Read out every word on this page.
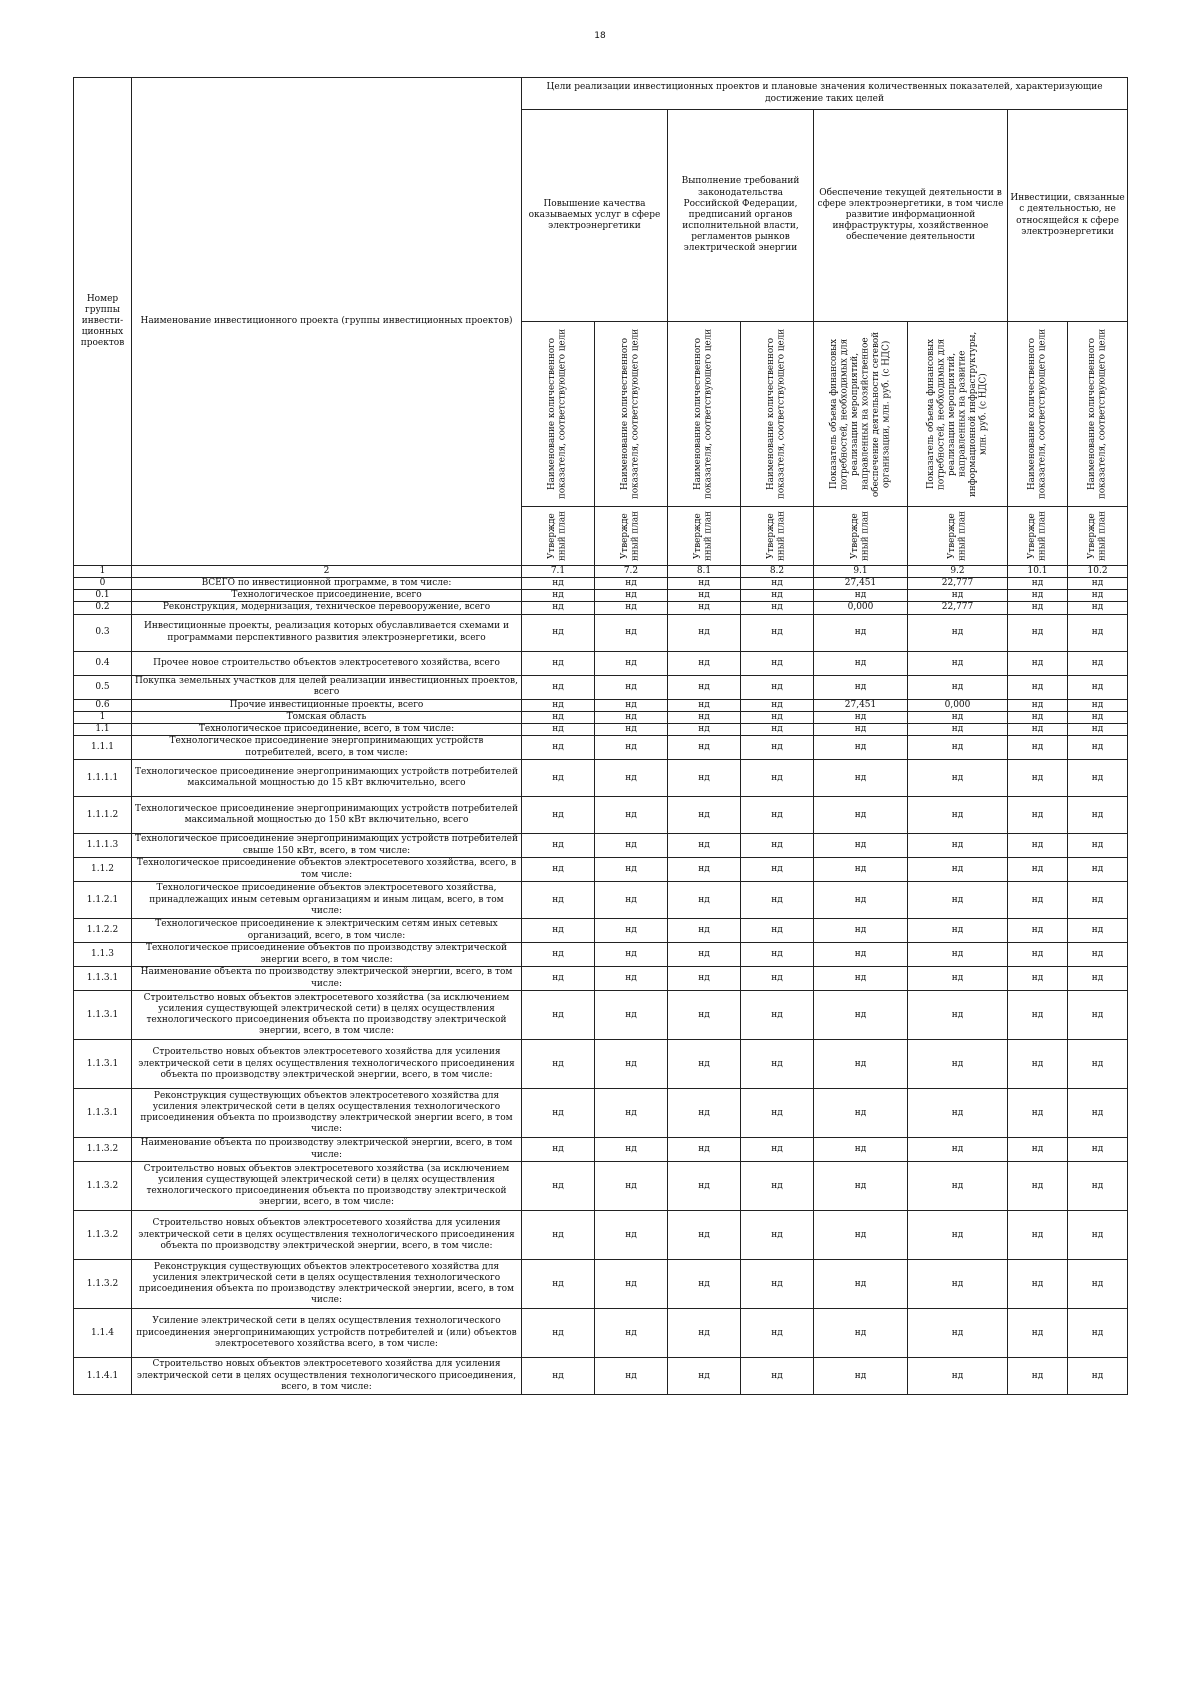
18
Номер группы инвести-ционных проектов	Наименование инвестиционного проекта (группы инвестиционных проектов)	Цели реализации инвестиционных проектов и плановые значения количественных показателей, характеризующие достижение таких целей							
		Повышение качества оказываемых услуг в сфере электроэнергетики		Выполнение требований законодательства Российской Федерации, предписаний органов исполнительной власти, регламентов рынков электрической энергии		Обеспечение текущей деятельности в сфере электроэнергетики, в том числе развитие информационной инфраструктуры, хозяйственное обеспечение деятельности		Инвестиции, связанные с деятельностью, не относящейся к сфере электроэнергетики	

		Наименование количественного показателя, соответствующего цели	Наименование количественного показателя, соответствующего цели	Наименование количественного показателя, соответствующего цели	Наименование количественного показателя, соответствующего цели	Показатель объема финансовых потребностей, необходимых для реализации мероприятий, направленных на хозяйственное обеспечение деятельности сетевой организации, млн. руб. (с НДС)	Показатель объема финансовых потребностей, необходимых для реализации мероприятий, направленных на развитие информационной инфраструктуры, млн. руб. (с НДС)	Наименование количественного показателя, соответствующего цели	Наименование количественного показателя, соответствующего цели

		Утвержде нный план	Утвержде нный план	Утвержде нный план	Утвержде нный план	Утвержде нный план	Утвержде нный план	Утвержде нный план	Утвержде нный план

1	2	7.1	7.2	8.1	8.2	9.1	9.2	10.1	10.2
0	ВСЕГО по инвестиционной программе, в том числе:	нд	нд	нд	нд	27,451	22,777	нд	нд
0.1	Технологическое присоединение, всего	нд	нд	нд	нд	нд	нд	нд	нд
0.2	Реконструкция, модернизация, техническое перевооружение, всего	нд	нд	нд	нд	0,000	22,777	нд	нд
0.3	Инвестиционные проекты, реализация которых обуславливается схемами и программами перспективного развития электроэнергетики, всего	нд	нд	нд	нд	нд	нд	нд	нд
0.4	Прочее новое строительство объектов электросетевого хозяйства, всего	нд	нд	нд	нд	нд	нд	нд	нд
0.5	Покупка земельных участков для целей реализации инвестиционных проектов, всего	нд	нд	нд	нд	нд	нд	нд	нд
0.6	Прочие инвестиционные проекты, всего	нд	нд	нд	нд	27,451	0,000	нд	нд
1	Томская область	нд	нд	нд	нд	нд	нд	нд	нд
1.1	Технологическое присоединение, всего, в том числе:	нд	нд	нд	нд	нд	нд	нд	нд
1.1.1	Технологическое присоединение энергопринимающих устройств потребителей, всего, в том числе:	нд	нд	нд	нд	нд	нд	нд	нд
1.1.1.1	Технологическое присоединение энергопринимающих устройств потребителей максимальной мощностью до 15 кВт включительно, всего	нд	нд	нд	нд	нд	нд	нд	нд
1.1.1.2	Технологическое присоединение энергопринимающих устройств потребителей максимальной мощностью до 150 кВт включительно, всего	нд	нд	нд	нд	нд	нд	нд	нд
1.1.1.3	Технологическое присоединение энергопринимающих устройств потребителей свыше 150 кВт, всего, в том числе:	нд	нд	нд	нд	нд	нд	нд	нд
1.1.2	Технологическое присоединение объектов электросетевого хозяйства, всего, в том числе:	нд	нд	нд	нд	нд	нд	нд	нд
1.1.2.1	Технологическое присоединение объектов электросетевого хозяйства, принадлежащих иным сетевым организациям и иным лицам, всего, в том числе:	нд	нд	нд	нд	нд	нд	нд	нд
1.1.2.2	Технологическое присоединение к электрическим сетям иных сетевых организаций, всего, в том числе:	нд	нд	нд	нд	нд	нд	нд	нд
1.1.3	Технологическое присоединение объектов по производству электрической энергии всего, в том числе:	нд	нд	нд	нд	нд	нд	нд	нд
1.1.3.1	Наименование объекта по производству электрической энергии, всего, в том числе:	нд	нд	нд	нд	нд	нд	нд	нд
1.1.3.1	Строительство новых объектов электросетевого хозяйства (за исключением усиления существующей электрической сети) в целях осуществления технологического присоединения объекта по производству электрической энергии, всего, в том числе:	нд	нд	нд	нд	нд	нд	нд	нд
1.1.3.1	Строительство новых объектов электросетевого хозяйства для усиления электрической сети в целях осуществления технологического присоединения объекта по производству электрической энергии, всего, в том числе:	нд	нд	нд	нд	нд	нд	нд	нд
1.1.3.1	Реконструкция существующих объектов электросетевого хозяйства для усиления электрической сети в целях осуществления технологического присоединения объекта по производству электрической энергии всего, в том числе:	нд	нд	нд	нд	нд	нд	нд	нд
1.1.3.2	Наименование объекта по производству электрической энергии, всего, в том числе:	нд	нд	нд	нд	нд	нд	нд	нд
1.1.3.2	Строительство новых объектов электросетевого хозяйства (за исключением усиления существующей электрической сети) в целях осуществления технологического присоединения объекта по производству электрической энергии, всего, в том числе:	нд	нд	нд	нд	нд	нд	нд	нд
1.1.3.2	Строительство новых объектов электросетевого хозяйства для усиления электрической сети в целях осуществления технологического присоединения объекта по производству электрической энергии, всего, в том числе:	нд	нд	нд	нд	нд	нд	нд	нд
1.1.3.2	Реконструкция существующих объектов электросетевого хозяйства для усиления электрической сети в целях осуществления технологического присоединения объекта по производству электрической энергии, всего, в том числе:	нд	нд	нд	нд	нд	нд	нд	нд
1.1.4	Усиление электрической сети в целях осуществления технологического присоединения энергопринимающих устройств потребителей и (или) объектов электросетевого хозяйства всего, в том числе:	нд	нд	нд	нд	нд	нд	нд	нд
1.1.4.1	Строительство новых объектов электросетевого хозяйства для усиления электрической сети в целях осуществления технологического присоединения, всего, в том числе:	нд	нд	нд	нд	нд	нд	нд	нд
